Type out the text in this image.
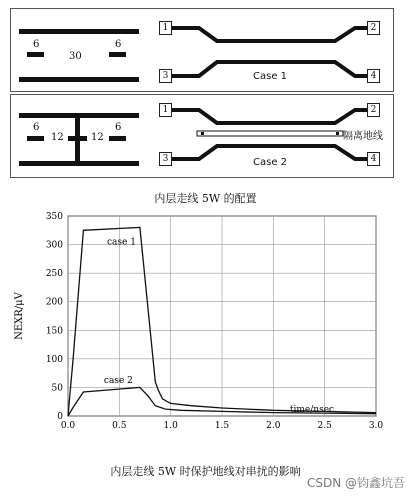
6
30
6
1	2
3	4
Case 1
6
12	12
6
1	2
3	4
隔离地线
Case 2
内层走线 5W 的配置
0.0	0.5	1.0	1.5	2.0	2.5	3.0
0
50
100
150
200
250
300
350
time/nsec
NEXR/μV
case 1
case 2
内层走线 5W 时保护地线对串扰的影响
CSDN @钧鑫坑吾
